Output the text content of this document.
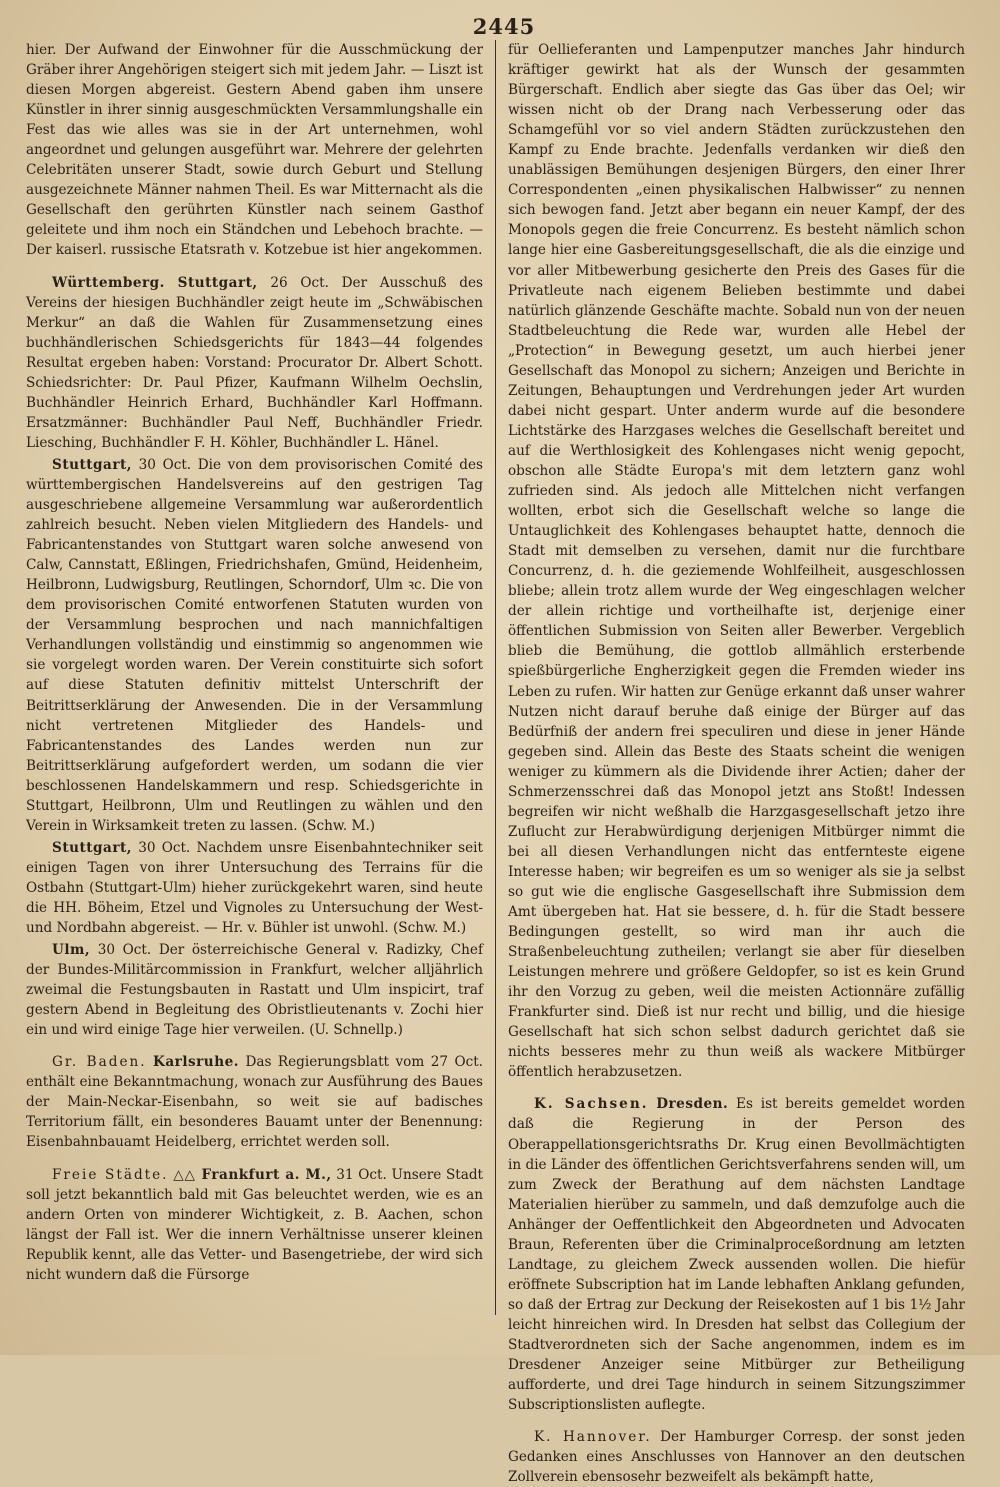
2445

hier. Der Aufwand der Einwohner für die Ausschmückung der Gräber ihrer Angehörigen steigert sich mit jedem Jahr. — Liszt ist diesen Morgen abgereist. Gestern Abend gaben ihm unsere Künstler in ihrer sinnig ausgeschmückten Versammlungshalle ein Fest das wie alles was sie in der Art unternehmen, wohl angeordnet und gelungen ausgeführt war. Mehrere der gelehrten Celebritäten unserer Stadt, sowie durch Geburt und Stellung ausgezeichnete Männer nahmen Theil. Es war Mitternacht als die Gesellschaft den gerührten Künstler nach seinem Gasthof geleitete und ihm noch ein Ständchen und Lebehoch brachte. — Der kaiserl. russische Etatsrath v. Kotzebue ist hier angekommen.

Württemberg. Stuttgart, 26 Oct. Der Ausschuß des Vereins der hiesigen Buchhändler zeigt heute im „Schwäbischen Merkur“ an daß die Wahlen für Zusammensetzung eines buchhändlerischen Schiedsgerichts für 1843—44 folgendes Resultat ergeben haben: Vorstand: Procurator Dr. Albert Schott. Schiedsrichter: Dr. Paul Pfizer, Kaufmann Wilhelm Oechslin, Buchhändler Heinrich Erhard, Buchhändler Karl Hoffmann. Ersatzmänner: Buchhändler Paul Neff, Buchhändler Friedr. Liesching, Buchhändler F. H. Köhler, Buchhändler L. Hänel.

Stuttgart, 30 Oct. Die von dem provisorischen Comité des württembergischen Handelsvereins auf den gestrigen Tag ausgeschriebene allgemeine Versammlung war außerordentlich zahlreich besucht. Neben vielen Mitgliedern des Handels- und Fabricantenstandes von Stuttgart waren solche anwesend von Calw, Cannstatt, Eßlingen, Friedrichshafen, Gmünd, Heidenheim, Heilbronn, Ludwigsburg, Reutlingen, Schorndorf, Ulm ꝛc. Die von dem provisorischen Comité entworfenen Statuten wurden von der Versammlung besprochen und nach mannichfaltigen Verhandlungen vollständig und einstimmig so angenommen wie sie vorgelegt worden waren. Der Verein constituirte sich sofort auf diese Statuten definitiv mittelst Unterschrift der Beitrittserklärung der Anwesenden. Die in der Versammlung nicht vertretenen Mitglieder des Handels- und Fabricantenstandes des Landes werden nun zur Beitrittserklärung aufgefordert werden, um sodann die vier beschlossenen Handelskammern und resp. Schiedsgerichte in Stuttgart, Heilbronn, Ulm und Reutlingen zu wählen und den Verein in Wirksamkeit treten zu lassen. (Schw. M.)

Stuttgart, 30 Oct. Nachdem unsre Eisenbahntechniker seit einigen Tagen von ihrer Untersuchung des Terrains für die Ostbahn (Stuttgart-Ulm) hieher zurückgekehrt waren, sind heute die HH. Böheim, Etzel und Vignoles zu Untersuchung der West- und Nordbahn abgereist. — Hr. v. Bühler ist unwohl. (Schw. M.)

Ulm, 30 Oct. Der österreichische General v. Radizky, Chef der Bundes-Militärcommission in Frankfurt, welcher alljährlich zweimal die Festungsbauten in Rastatt und Ulm inspicirt, traf gestern Abend in Begleitung des Obristlieutenants v. Zochi hier ein und wird einige Tage hier verweilen. (U. Schnellp.)

Gr. Baden. Karlsruhe. Das Regierungsblatt vom 27 Oct. enthält eine Bekanntmachung, wonach zur Ausführung des Baues der Main-Neckar-Eisenbahn, so weit sie auf badisches Territorium fällt, ein besonderes Bauamt unter der Benennung: Eisenbahnbauamt Heidelberg, errichtet werden soll.

Freie Städte. △△ Frankfurt a. M., 31 Oct. Unsere Stadt soll jetzt bekanntlich bald mit Gas beleuchtet werden, wie es an andern Orten von minderer Wichtigkeit, z. B. Aachen, schon längst der Fall ist. Wer die innern Verhältnisse unserer kleinen Republik kennt, alle das Vetter- und Basengetriebe, der wird sich nicht wundern daß die Fürsorge

für Oellieferanten und Lampenputzer manches Jahr hindurch kräftiger gewirkt hat als der Wunsch der gesammten Bürgerschaft. Endlich aber siegte das Gas über das Oel; wir wissen nicht ob der Drang nach Verbesserung oder das Schamgefühl vor so viel andern Städten zurückzustehen den Kampf zu Ende brachte. Jedenfalls verdanken wir dieß den unablässigen Bemühungen desjenigen Bürgers, den einer Ihrer Correspondenten „einen physikalischen Halbwisser“ zu nennen sich bewogen fand. Jetzt aber begann ein neuer Kampf, der des Monopols gegen die freie Concurrenz. Es besteht nämlich schon lange hier eine Gasbereitungsgesellschaft, die als die einzige und vor aller Mitbewerbung gesicherte den Preis des Gases für die Privatleute nach eigenem Belieben bestimmte und dabei natürlich glänzende Geschäfte machte. Sobald nun von der neuen Stadtbeleuchtung die Rede war, wurden alle Hebel der „Protection“ in Bewegung gesetzt, um auch hierbei jener Gesellschaft das Monopol zu sichern; Anzeigen und Berichte in Zeitungen, Behauptungen und Verdrehungen jeder Art wurden dabei nicht gespart. Unter anderm wurde auf die besondere Lichtstärke des Harzgases welches die Gesellschaft bereitet und auf die Werthlosigkeit des Kohlengases nicht wenig gepocht, obschon alle Städte Europa's mit dem letztern ganz wohl zufrieden sind. Als jedoch alle Mittelchen nicht verfangen wollten, erbot sich die Gesellschaft welche so lange die Untauglichkeit des Kohlengases behauptet hatte, dennoch die Stadt mit demselben zu versehen, damit nur die furchtbare Concurrenz, d. h. die geziemende Wohlfeilheit, ausgeschlossen bliebe; allein trotz allem wurde der Weg eingeschlagen welcher der allein richtige und vortheilhafte ist, derjenige einer öffentlichen Submission von Seiten aller Bewerber. Vergeblich blieb die Bemühung, die gottlob allmählich ersterbende spießbürgerliche Engherzigkeit gegen die Fremden wieder ins Leben zu rufen. Wir hatten zur Genüge erkannt daß unser wahrer Nutzen nicht darauf beruhe daß einige der Bürger auf das Bedürfniß der andern frei speculiren und diese in jener Hände gegeben sind. Allein das Beste des Staats scheint die wenigen weniger zu kümmern als die Dividende ihrer Actien; daher der Schmerzensschrei daß das Monopol jetzt ans Stoßt! Indessen begreifen wir nicht weßhalb die Harzgasgesellschaft jetzo ihre Zuflucht zur Herabwürdigung derjenigen Mitbürger nimmt die bei all diesen Verhandlungen nicht das entfernteste eigene Interesse haben; wir begreifen es um so weniger als sie ja selbst so gut wie die englische Gasgesellschaft ihre Submission dem Amt übergeben hat. Hat sie bessere, d. h. für die Stadt bessere Bedingungen gestellt, so wird man ihr auch die Straßenbeleuchtung zutheilen; verlangt sie aber für dieselben Leistungen mehrere und größere Geldopfer, so ist es kein Grund ihr den Vorzug zu geben, weil die meisten Actionnäre zufällig Frankfurter sind. Dieß ist nur recht und billig, und die hiesige Gesellschaft hat sich schon selbst dadurch gerichtet daß sie nichts besseres mehr zu thun weiß als wackere Mitbürger öffentlich herabzusetzen.

K. Sachsen. Dresden. Es ist bereits gemeldet worden daß die Regierung in der Person des Oberappellationsgerichtsraths Dr. Krug einen Bevollmächtigten in die Länder des öffentlichen Gerichtsverfahrens senden will, um zum Zweck der Berathung auf dem nächsten Landtage Materialien hierüber zu sammeln, und daß demzufolge auch die Anhänger der Oeffentlichkeit den Abgeordneten und Advocaten Braun, Referenten über die Criminalproceßordnung am letzten Landtage, zu gleichem Zweck aussenden wollen. Die hiefür eröffnete Subscription hat im Lande lebhaften Anklang gefunden, so daß der Ertrag zur Deckung der Reisekosten auf 1 bis 1½ Jahr leicht hinreichen wird. In Dresden hat selbst das Collegium der Stadtverordneten sich der Sache angenommen, indem es im Dresdener Anzeiger seine Mitbürger zur Betheiligung aufforderte, und drei Tage hindurch in seinem Sitzungszimmer Subscriptionslisten auflegte.

K. Hannover. Der Hamburger Corresp. der sonst jeden Gedanken eines Anschlusses von Hannover an den deutschen Zollverein ebensosehr bezweifelt als bekämpft hatte,
